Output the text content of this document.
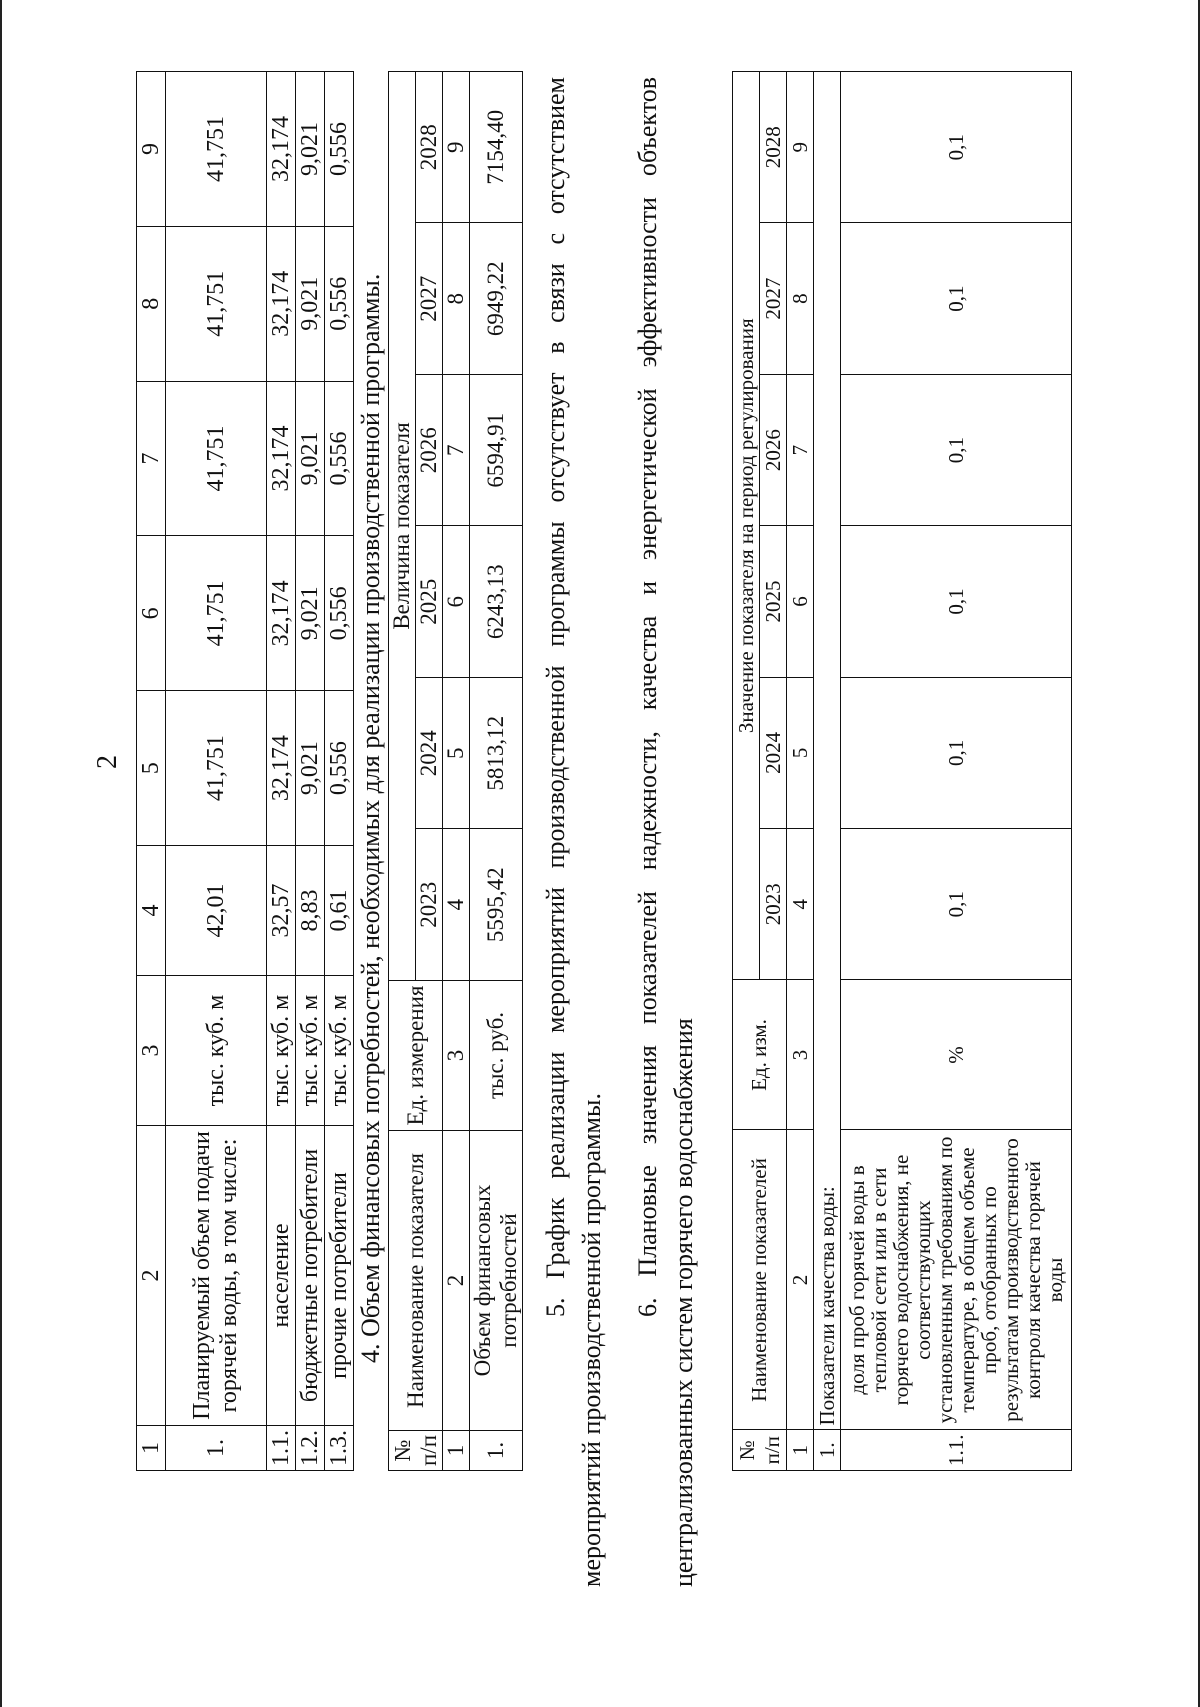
2
1	2	3	4	5	6	7	8	9
1.	Планируемый объем подачи горячей воды, в том числе:	тыс. куб. м	42,01	41,751	41,751	41,751	41,751	41,751
1.1.	население	тыс. куб. м	32,57	32,174	32,174	32,174	32,174	32,174
1.2.	бюджетные потребители	тыс. куб. м	8,83	9,021	9,021	9,021	9,021	9,021
1.3.	прочие потребители	тыс. куб. м	0,61	0,556	0,556	0,556	0,556	0,556
4. Объем финансовых потребностей, необходимых для реализации производственной программы.
№ п/п	Наименование показателя	Ед. измерения	Величина показателя					
			2023	2024	2025	2026	2027	2028
1	2	3	4	5	6	7	8	9
1.	Объем финансовых потребностей	тыс. руб.	5595,42	5813,12	6243,13	6594,91	6949,22	7154,40 5. График реализации мероприятий производственной программы отсутствует в связи с отсутствием мероприятий производственной программы.
6. Плановые значения показателей надежности, качества и энергетической эффективности объектов централизованных систем горячего водоснабжения № п/п	Наименование показателей	Ед. изм.	Значение показателя на период регулирования					
			2023	2024	2025	2026	2027	2028
1	2	3	4	5	6	7	8	9
1.	Показатели качества воды:							
1.1.	доля проб горячей воды в тепловой сети или в сети горячего водоснабжения, не соответствующих установленным требованиям по температуре, в общем объеме проб, отобранных по результатам производственного контроля качества горячей воды	%	0,1	0,1	0,1	0,1	0,1	0,1
